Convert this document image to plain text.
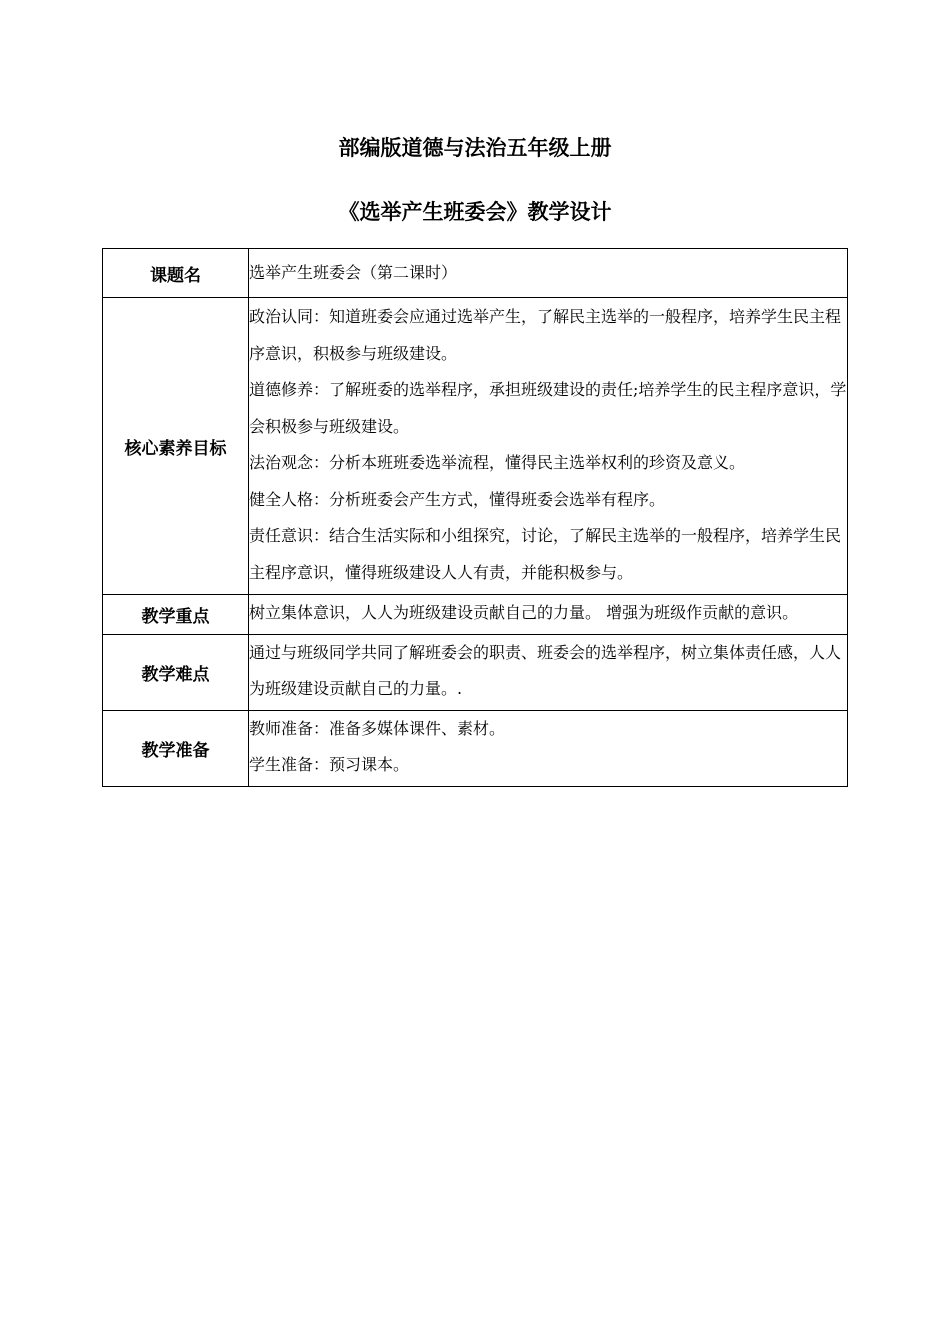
部编版道德与法治五年级上册
《选举产生班委会》教学设计
课题名	选举产生班委会（第二课时）

核心素养目标	政治认同：知道班委会应通过选举产生，了解民主选举的一般程序，培养学生民主程序意识，积极参与班级建设。

道德修养：了解班委的选举程序，承担班级建设的责任;培养学生的民主程序意识，学会积极参与班级建设。

法治观念：分析本班班委选举流程，懂得民主选举权利的珍资及意义。

健全人格：分析班委会产生方式，懂得班委会选举有程序。

责任意识：结合生活实际和小组探究，讨论，了解民主选举的一般程序，培养学生民主程序意识，懂得班级建设人人有责，并能积极参与。

教学重点	树立集体意识，人人为班级建设贡献自己的力量。 增强为班级作贡献的意识。

教学难点	通过与班级同学共同了解班委会的职责、班委会的选举程序，树立集体责任感，人人为班级建设贡献自己的力量。.

教学准备	教师准备：准备多媒体课件、素材。

学生准备：预习课本。
